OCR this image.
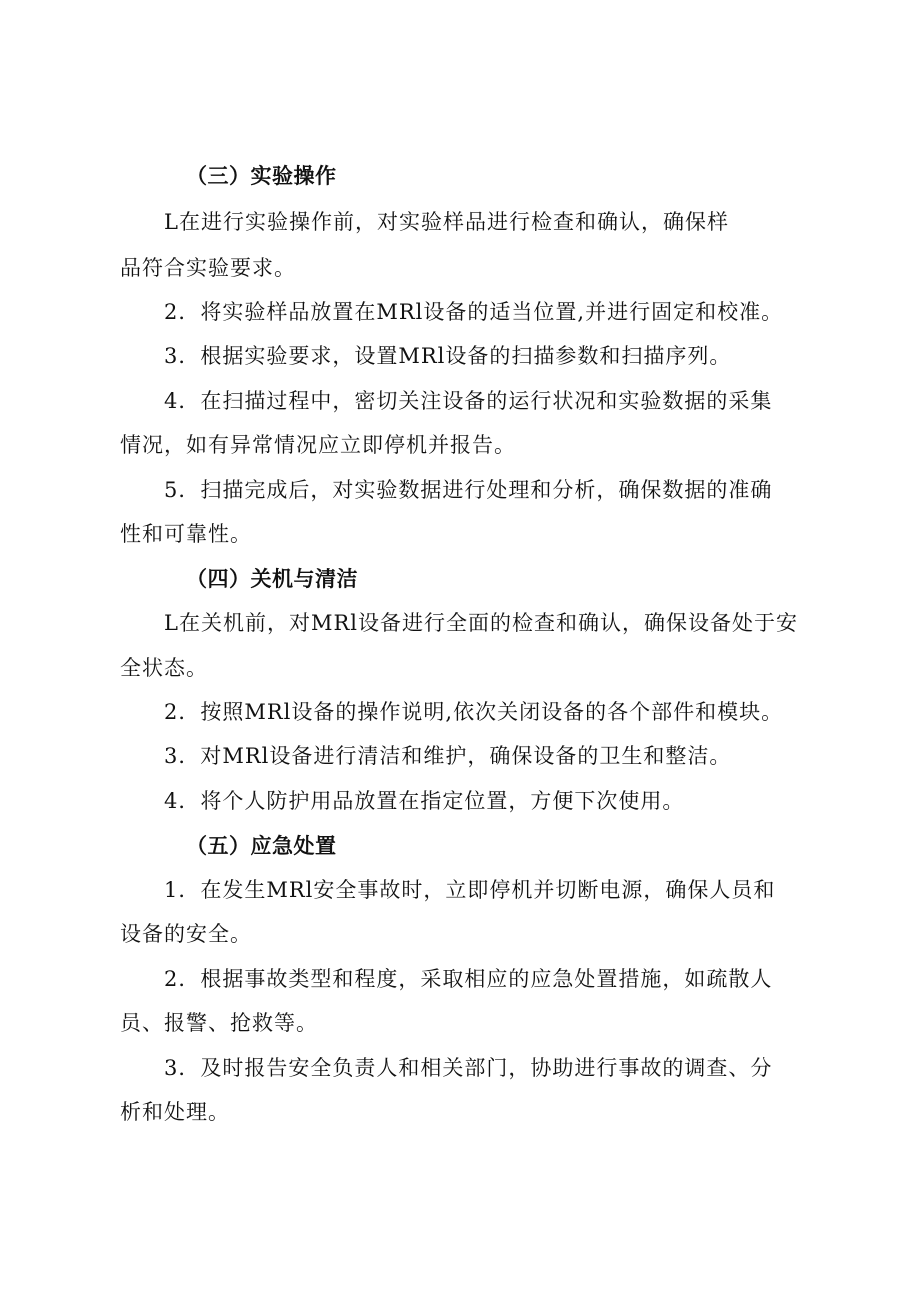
（三）实验操作
L在进行实验操作前，对实验样品进行检查和确认，确保样
品符合实验要求。
2．将实验样品放置在MRl设备的适当位置,并进行固定和校准。
3．根据实验要求，设置MRl设备的扫描参数和扫描序列。
4．在扫描过程中，密切关注设备的运行状况和实验数据的采集
情况，如有异常情况应立即停机并报告。
5．扫描完成后，对实验数据进行处理和分析，确保数据的准确
性和可靠性。
（四）关机与清洁
L在关机前，对MRl设备进行全面的检查和确认，确保设备处于安
全状态。
2．按照MRl设备的操作说明,依次关闭设备的各个部件和模块。
3．对MRl设备进行清洁和维护，确保设备的卫生和整洁。
4．将个人防护用品放置在指定位置，方便下次使用。
（五）应急处置
1．在发生MRl安全事故时，立即停机并切断电源，确保人员和
设备的安全。
2．根据事故类型和程度，采取相应的应急处置措施，如疏散人
员、报警、抢救等。
3．及时报告安全负责人和相关部门，协助进行事故的调查、分
析和处理。
